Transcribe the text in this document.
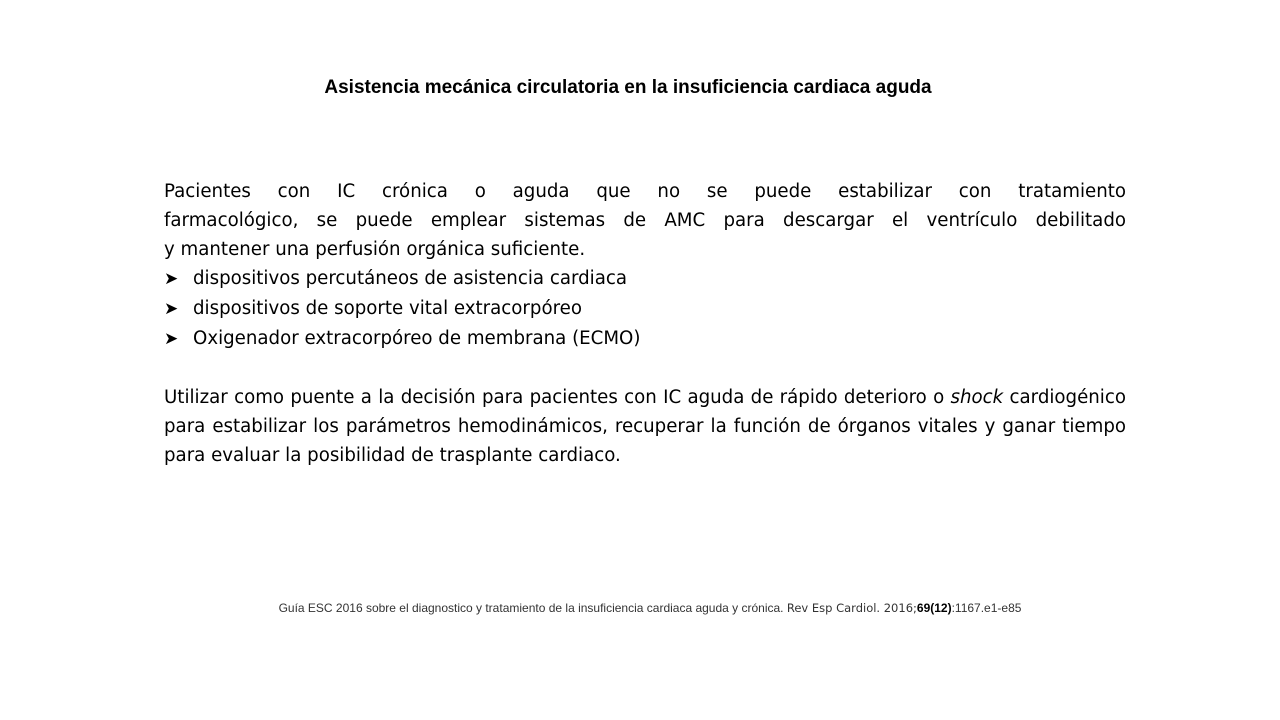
Asistencia mecánica circulatoria en la insuficiencia cardiaca aguda

Pacientes con IC crónica o aguda que no se puede estabilizar con tratamiento
farmacológico, se puede emplear sistemas de AMC para descargar el ventrículo debilitado
y mantener una perfusión orgánica suficiente.

➤ dispositivos percutáneos de asistencia cardiaca
➤ dispositivos de soporte vital extracorpóreo
➤ Oxigenador extracorpóreo de membrana (ECMO)

Utilizar como puente a la decisión para pacientes con IC aguda de rápido deterioro o shock cardiogénico para estabilizar los parámetros hemodinámicos, recuperar la función de órganos vitales y ganar tiempo para evaluar la posibilidad de trasplante cardiaco.

Guía ESC 2016 sobre el diagnostico y tratamiento de la insuficiencia cardiaca aguda y crónica. Rev Esp Cardiol. 2016;69(12):1167.e1-e85
